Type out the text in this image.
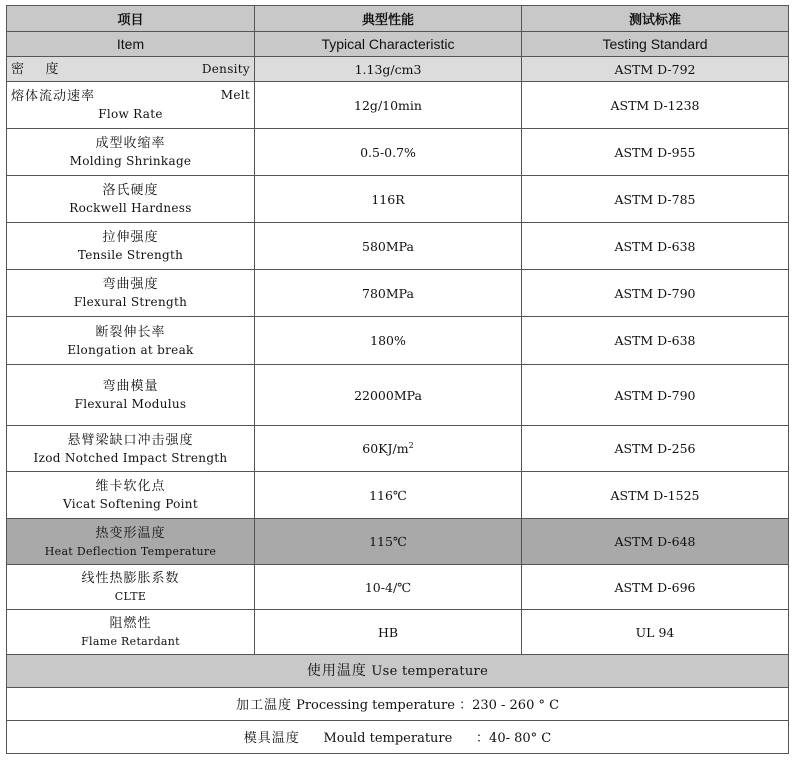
项目	典型性能	测试标准
Item	Typical Characteristic	Testing Standard

密    度 Density	1.13g/cm3	ASTM D-792

熔体流动速率 Melt
Flow Rate	12g/10min	ASTM D-1238

成型收缩率
Molding Shrinkage	0.5-0.7%	ASTM D-955

洛氏硬度
Rockwell Hardness	116R	ASTM D-785

拉伸强度
Tensile Strength	580MPa	ASTM D-638

弯曲强度
Flexural Strength	780MPa	ASTM D-790

断裂伸长率
Elongation at break	180%	ASTM D-638

弯曲模量
Flexural Modulus	22000MPa	ASTM D-790

悬臂梁缺口冲击强度
Izod Notched Impact Strength	$60KJ/m^2$	ASTM D-256

维卡软化点
Vicat Softening Point	116℃	ASTM D-1525

热变形温度
Heat Deflection Temperature	115℃	ASTM D-648

线性热膨胀系数
CLTE	10-4/℃	ASTM D-696

阻燃性
Flame Retardant	HB	UL 94
使用温度 Use temperature		
加工温度 Processing temperature ：230 - 260 ° C		
模具温度 Mould temperature ：40- 80° C		
